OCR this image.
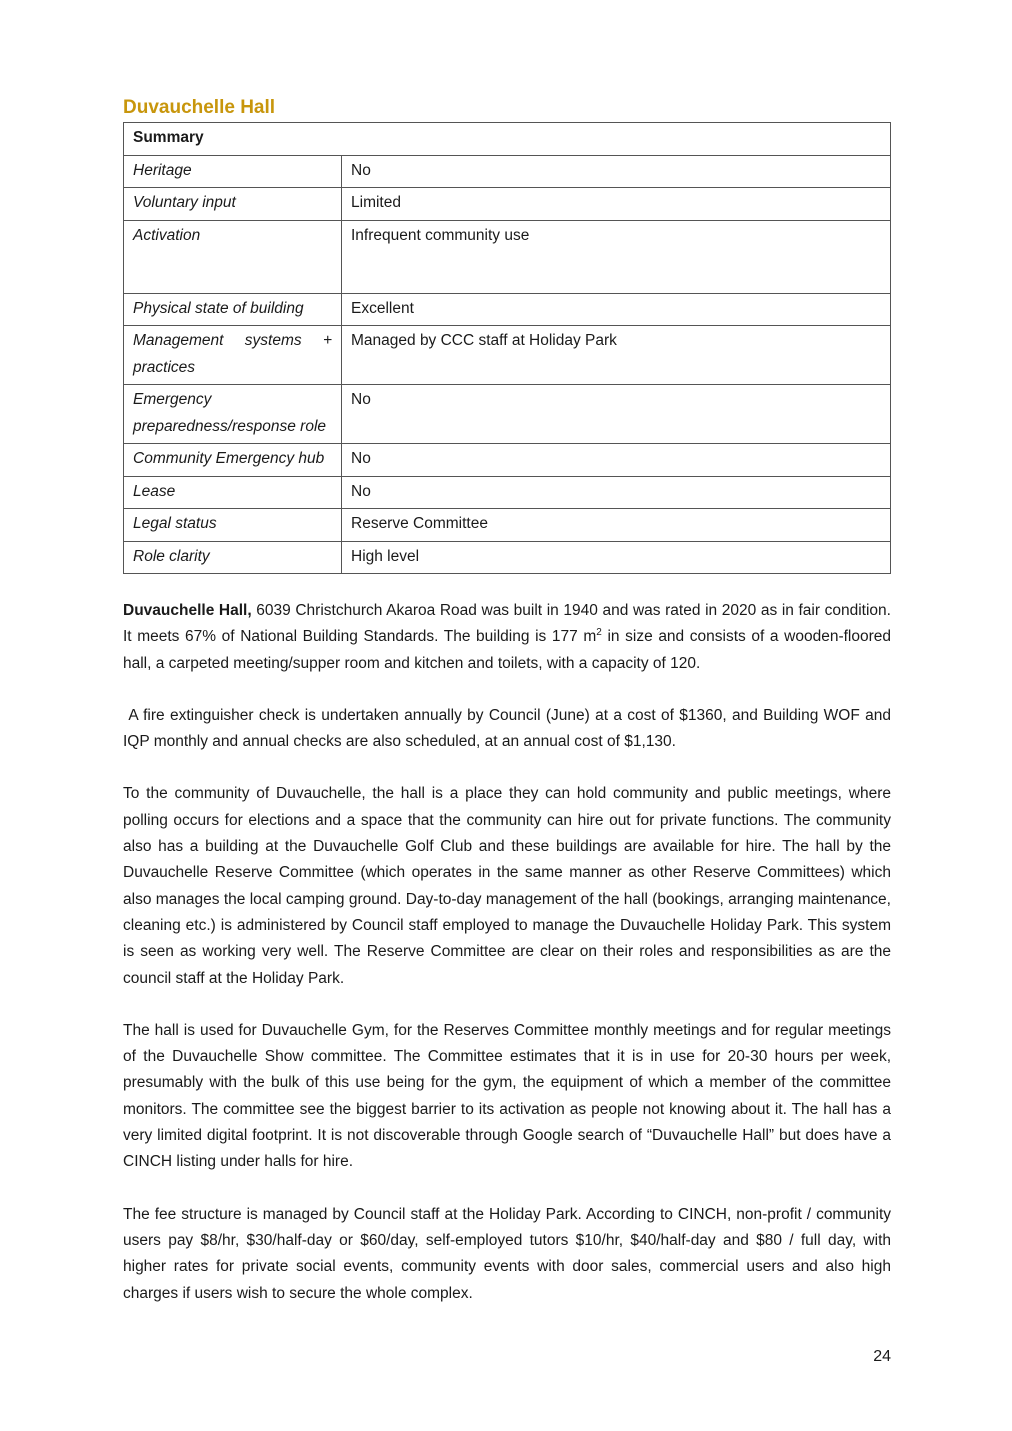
Duvauchelle Hall
Summary	
Heritage	No
Voluntary input	Limited
Activation	Infrequent community use
Physical state of building	Excellent
Management systems + practices	Managed by CCC staff at Holiday Park
Emergency preparedness/response role	No
Community Emergency hub	No
Lease	No
Legal status	Reserve Committee
Role clarity	High level

Duvauchelle Hall, 6039 Christchurch Akaroa Road was built in 1940 and was rated in 2020 as in fair condition. It meets 67% of National Building Standards. The building is 177 $m^2$ in size and consists of a wooden-floored hall, a carpeted meeting/supper room and kitchen and toilets, with a capacity of 120.

A fire extinguisher check is undertaken annually by Council (June) at a cost of $1360, and Building WOF and IQP monthly and annual checks are also scheduled, at an annual cost of $1,130.

To the community of Duvauchelle, the hall is a place they can hold community and public meetings, where polling occurs for elections and a space that the community can hire out for private functions. The community also has a building at the Duvauchelle Golf Club and these buildings are available for hire. The hall by the Duvauchelle Reserve Committee (which operates in the same manner as other Reserve Committees) which also manages the local camping ground. Day-to-day management of the hall (bookings, arranging maintenance, cleaning etc.) is administered by Council staff employed to manage the Duvauchelle Holiday Park. This system is seen as working very well. The Reserve Committee are clear on their roles and responsibilities as are the council staff at the Holiday Park.

The hall is used for Duvauchelle Gym, for the Reserves Committee monthly meetings and for regular meetings of the Duvauchelle Show committee. The Committee estimates that it is in use for 20-30 hours per week, presumably with the bulk of this use being for the gym, the equipment of which a member of the committee monitors. The committee see the biggest barrier to its activation as people not knowing about it. The hall has a very limited digital footprint. It is not discoverable through Google search of “Duvauchelle Hall” but does have a CINCH listing under halls for hire.

The fee structure is managed by Council staff at the Holiday Park. According to CINCH, non-profit / community users pay $8/hr, $30/half-day or $60/day, self-employed tutors $10/hr, $40/half-day and $80 / full day, with higher rates for private social events, community events with door sales, commercial users and also high charges if users wish to secure the whole complex.

24
